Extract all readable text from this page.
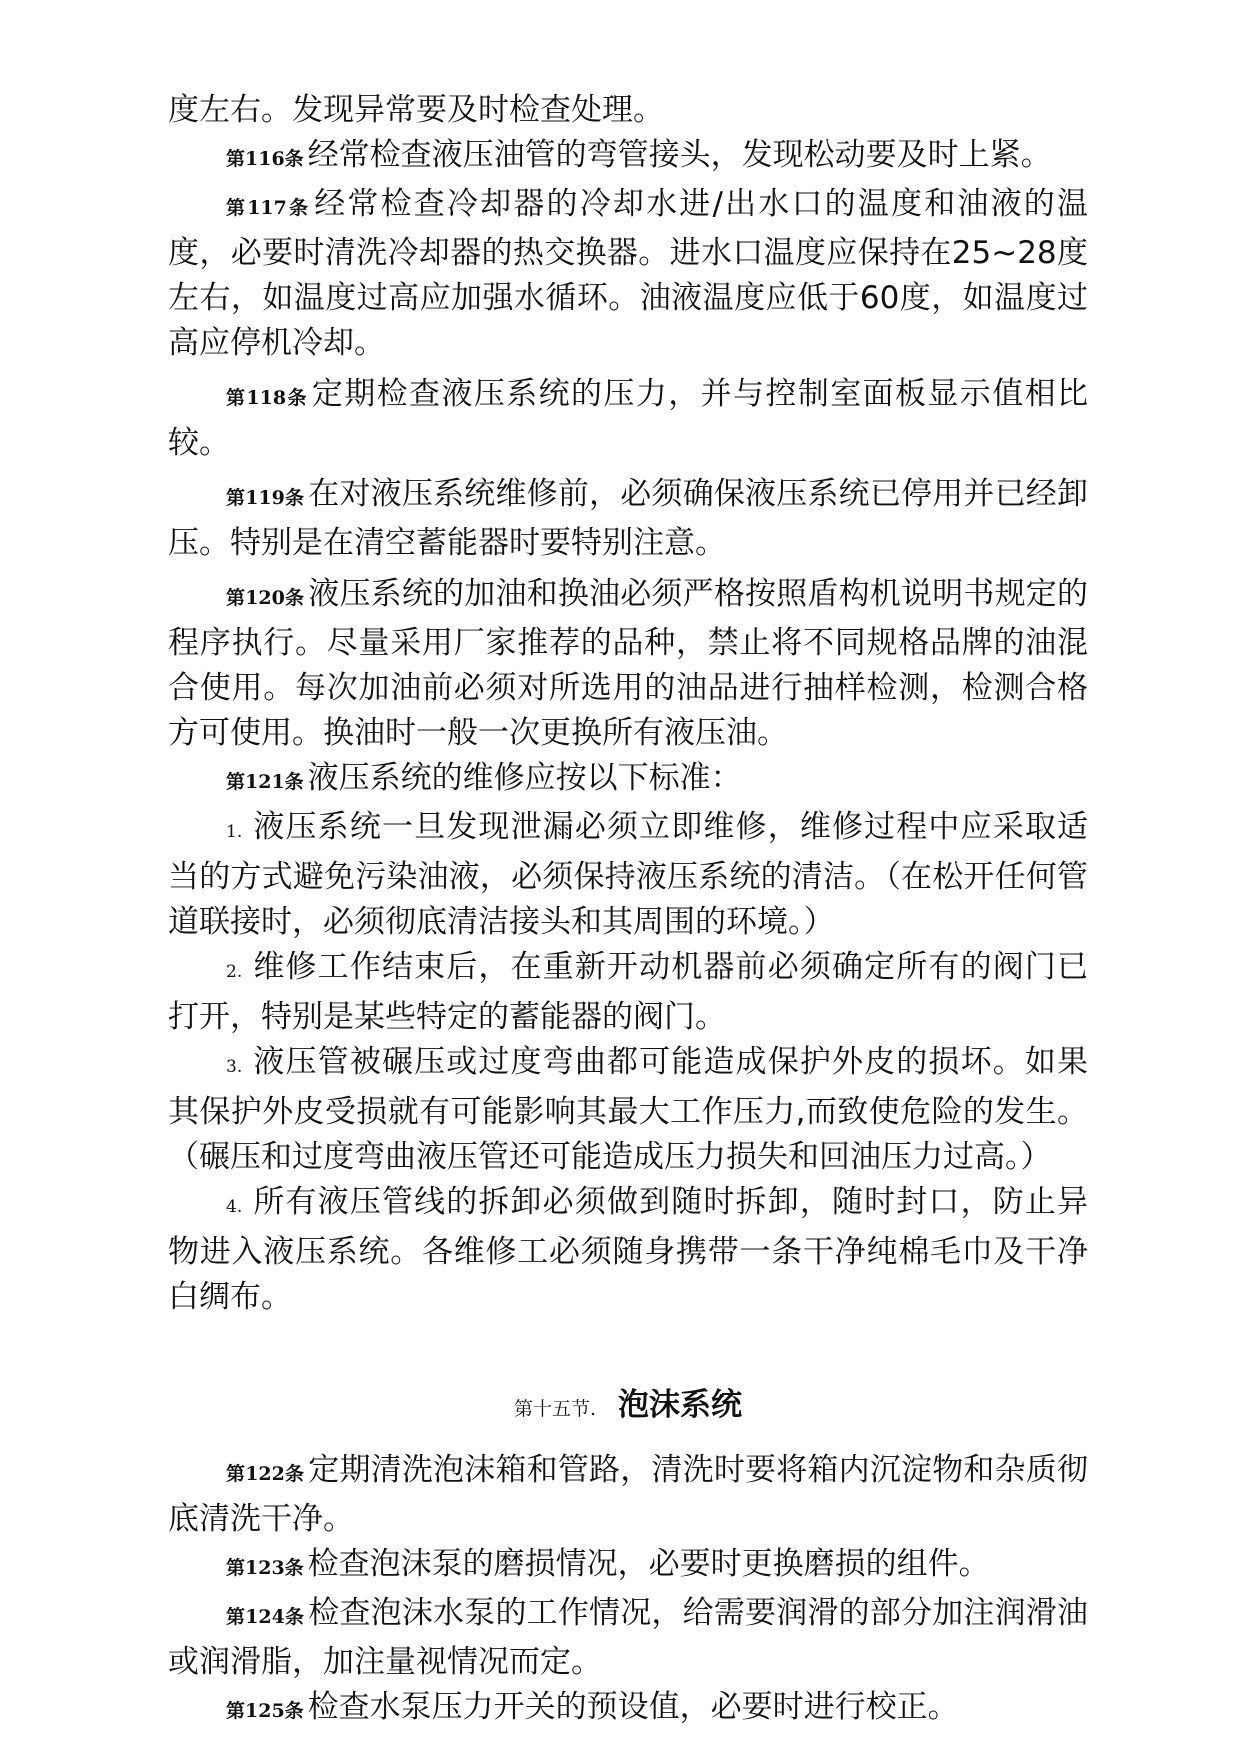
度左右。发现异常要及时检查处理。

第116条 经常检查液压油管的弯管接头，发现松动要及时上紧。

第117条 经常检查冷却器的冷却水进/出水口的温度和油液的温度，必要时清洗冷却器的热交换器。进水口温度应保持在25~28度左右，如温度过高应加强水循环。油液温度应低于60度，如温度过高应停机冷却。

第118条 定期检查液压系统的压力，并与控制室面板显示值相比较。

第119条 在对液压系统维修前，必须确保液压系统已停用并已经卸压。特别是在清空蓄能器时要特别注意。

第120条 液压系统的加油和换油必须严格按照盾构机说明书规定的程序执行。尽量采用厂家推荐的品种，禁止将不同规格品牌的油混合使用。每次加油前必须对所选用的油品进行抽样检测，检测合格方可使用。换油时一般一次更换所有液压油。

第121条 液压系统的维修应按以下标准：

1. 液压系统一旦发现泄漏必须立即维修，维修过程中应采取适当的方式避免污染油液，必须保持液压系统的清洁。（在松开任何管道联接时，必须彻底清洁接头和其周围的环境。）

2. 维修工作结束后，在重新开动机器前必须确定所有的阀门已打开，特别是某些特定的蓄能器的阀门。

3. 液压管被碾压或过度弯曲都可能造成保护外皮的损坏。如果其保护外皮受损就有可能影响其最大工作压力,而致使危险的发生。（碾压和过度弯曲液压管还可能造成压力损失和回油压力过高。）

4. 所有液压管线的拆卸必须做到随时拆卸，随时封口，防止异物进入液压系统。各维修工必须随身携带一条干净纯棉毛巾及干净白绸布。

第十五节. 泡沫系统

第122条 定期清洗泡沫箱和管路，清洗时要将箱内沉淀物和杂质彻底清洗干净。

第123条 检查泡沫泵的磨损情况，必要时更换磨损的组件。

第124条 检查泡沫水泵的工作情况，给需要润滑的部分加注润滑油或润滑脂，加注量视情况而定。

第125条 检查水泵压力开关的预设值，必要时进行校正。
